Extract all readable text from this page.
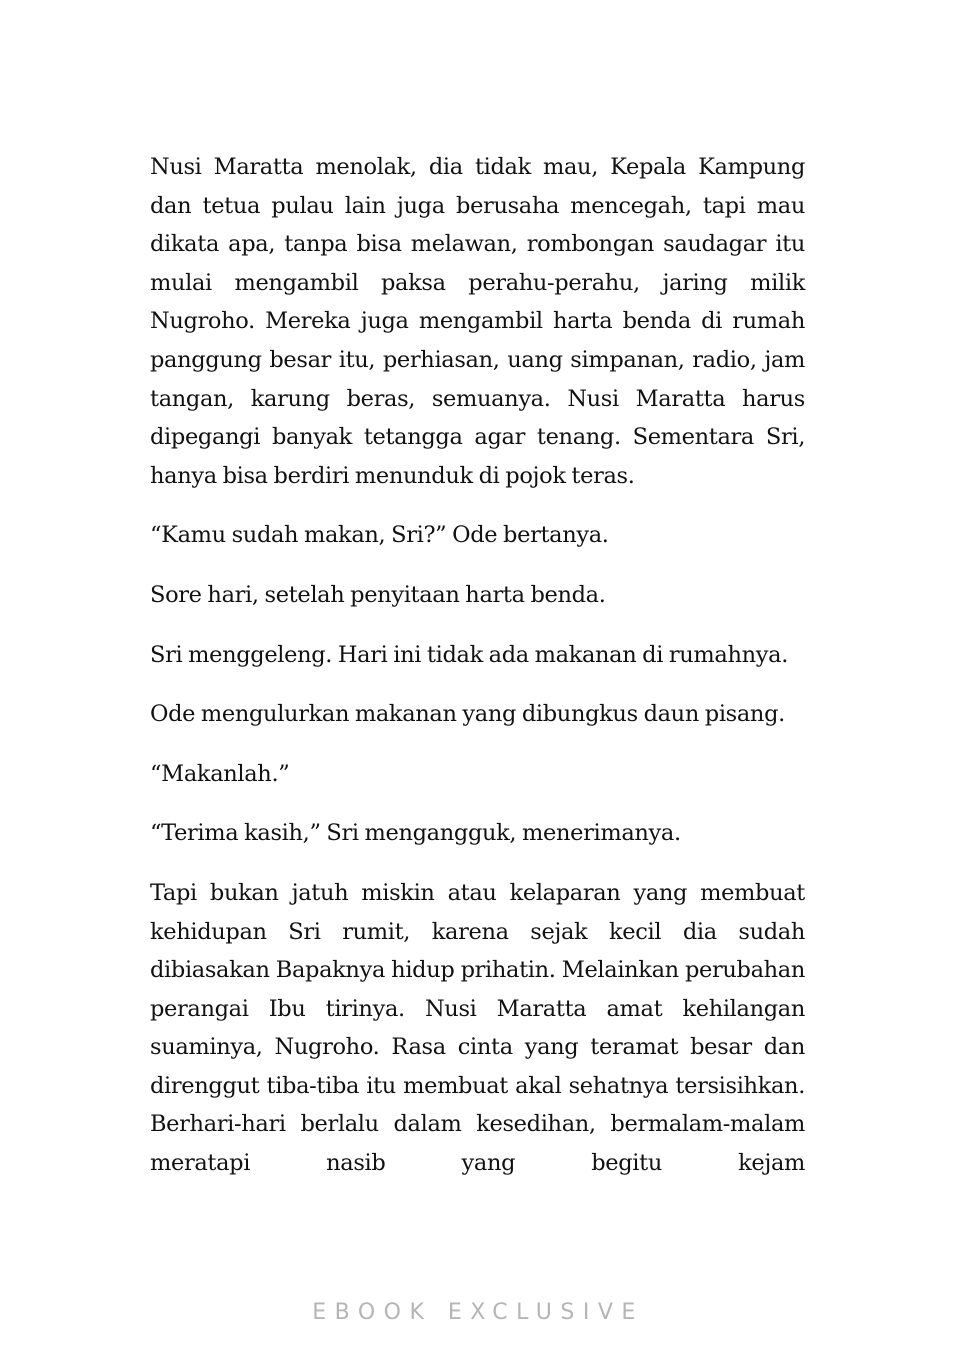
Nusi Maratta menolak, dia tidak mau, Kepala Kampung dan tetua pulau lain juga berusaha mencegah, tapi mau dikata apa, tanpa bisa melawan, rombongan saudagar itu mulai mengambil paksa perahu-perahu, jaring milik Nugroho. Mereka juga mengambil harta benda di rumah panggung besar itu, perhiasan, uang simpanan, radio, jam tangan, karung beras, semuanya. Nusi Maratta harus dipegangi banyak tetangga agar tenang. Sementara Sri, hanya bisa berdiri menunduk di pojok teras.

“Kamu sudah makan, Sri?” Ode bertanya.

Sore hari, setelah penyitaan harta benda.

Sri menggeleng. Hari ini tidak ada makanan di rumahnya.

Ode mengulurkan makanan yang dibungkus daun pisang.

“Makanlah.”

“Terima kasih,” Sri mengangguk, menerimanya.

Tapi bukan jatuh miskin atau kelaparan yang membuat kehidupan Sri rumit, karena sejak kecil dia sudah dibiasakan Bapaknya hidup prihatin. Melainkan perubahan perangai Ibu tirinya. Nusi Maratta amat kehilangan suaminya, Nugroho. Rasa cinta yang teramat besar dan direnggut tiba-tiba itu membuat akal sehatnya tersisihkan. Berhari-hari berlalu dalam kesedihan, bermalam-malam meratapi nasib yang begitu kejam

EBOOK EXCLUSIVE
